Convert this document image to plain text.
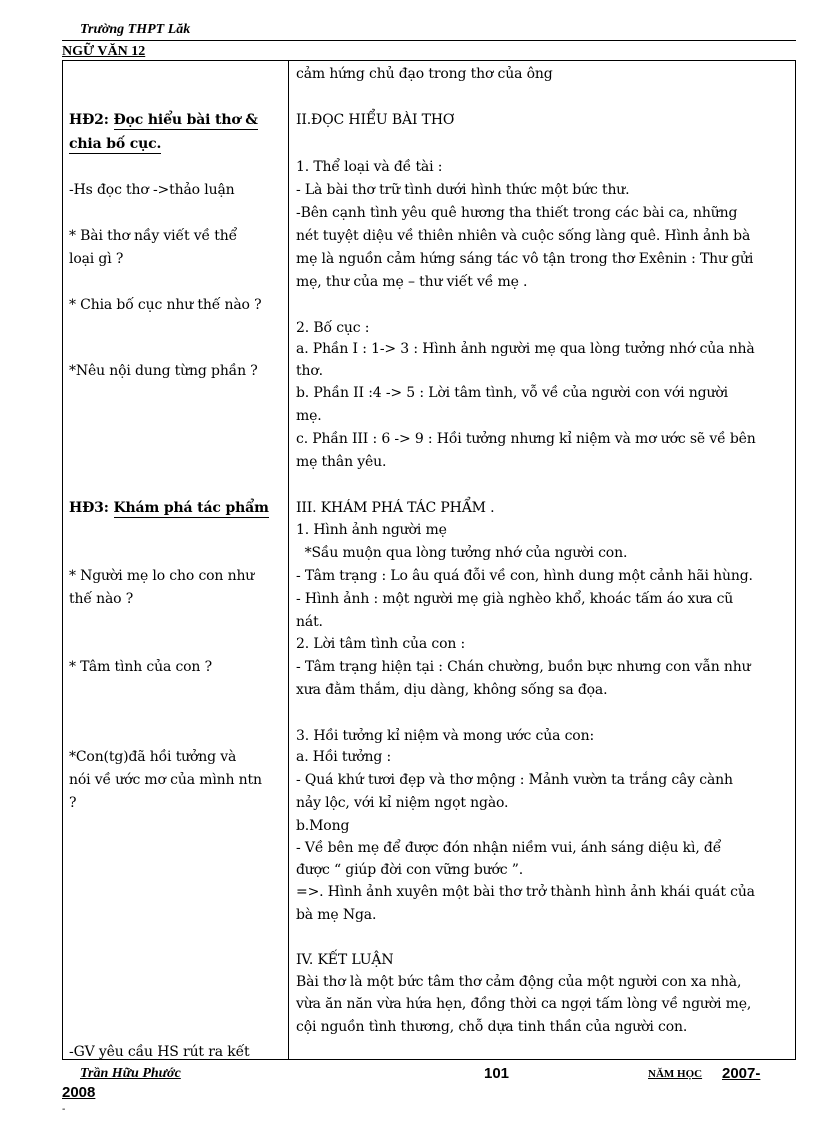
Trường THPT Lăk
NGỮ VĂN 12
HĐ2: Đọc hiểu bài thơ &
chia bố cục.
-Hs đọc thơ ->thảo luận
* Bài thơ nầy viết về thể
loại gì ?
* Chia bố cục như thế nào ?
*Nêu nội dung từng phần ?
HĐ3: Khám phá tác phẩm
* Người mẹ lo cho con như
thế nào ?
* Tâm tình của con ?
*Con(tg)đã hồi tưởng và
nói về ước mơ của mình ntn
?
-GV yêu cầu HS rút ra kết
cảm hứng chủ đạo trong thơ của ông
II.ĐỌC HIỂU BÀI THƠ
1. Thể loại và đề tài :
- Là bài thơ trữ tình dưới hình thức một bức thư.
-Bên cạnh tình yêu quê hương tha thiết trong các bài ca, những
nét tuyệt diệu về thiên nhiên và cuộc sống làng quê. Hình ảnh bà
mẹ là nguồn cảm hứng sáng tác vô tận trong thơ Exênin : Thư gửi
mẹ, thư của mẹ – thư viết về mẹ .
2. Bố cục :
a. Phần I : 1-> 3 : Hình ảnh người mẹ qua lòng tưởng nhớ của nhà
thơ.
b. Phần II :4 -> 5 : Lời tâm tình, vỗ về của người con với người
mẹ.
c. Phần III : 6 -> 9 : Hồi tưởng nhưng kỉ niệm và mơ ước sẽ về bên
mẹ thân yêu.
III. KHÁM PHÁ TÁC PHẨM .
1. Hình ảnh người mẹ
*Sầu muộn qua lòng tưởng nhớ của người con.
- Tâm trạng : Lo âu quá đỗi về con, hình dung một cảnh hãi hùng.
- Hình ảnh : một người mẹ già nghèo khổ, khoác tấm áo xưa cũ
nát.
2. Lời tâm tình của con :
- Tâm trạng hiện tại : Chán chường, buồn bực nhưng con vẫn như
xưa đằm thắm, dịu dàng, không sống sa đọa.
3. Hồi tưởng kỉ niệm và mong ước của con:
a. Hồi tưởng :
- Quá khứ tươi đẹp và thơ mộng : Mảnh vườn ta trắng cây cành
nảy lộc, với kỉ niệm ngọt ngào.
b.Mong
- Về bên mẹ để được đón nhận niềm vui, ánh sáng diệu kì, để
được “ giúp đời con vững bước ”.
=>. Hình ảnh xuyên một bài thơ trở thành hình ảnh khái quát của
bà mẹ Nga.
IV. KẾT LUẬN
Bài thơ là một bức tâm thơ cảm động của một người con xa nhà,
vừa ăn năn vừa hứa hẹn, đồng thời ca ngợi tấm lòng về người mẹ,
cội nguồn tình thương, chỗ dựa tinh thần của người con.
Trần Hữu Phước	101	NĂM HỌC 2007-
2008
-
